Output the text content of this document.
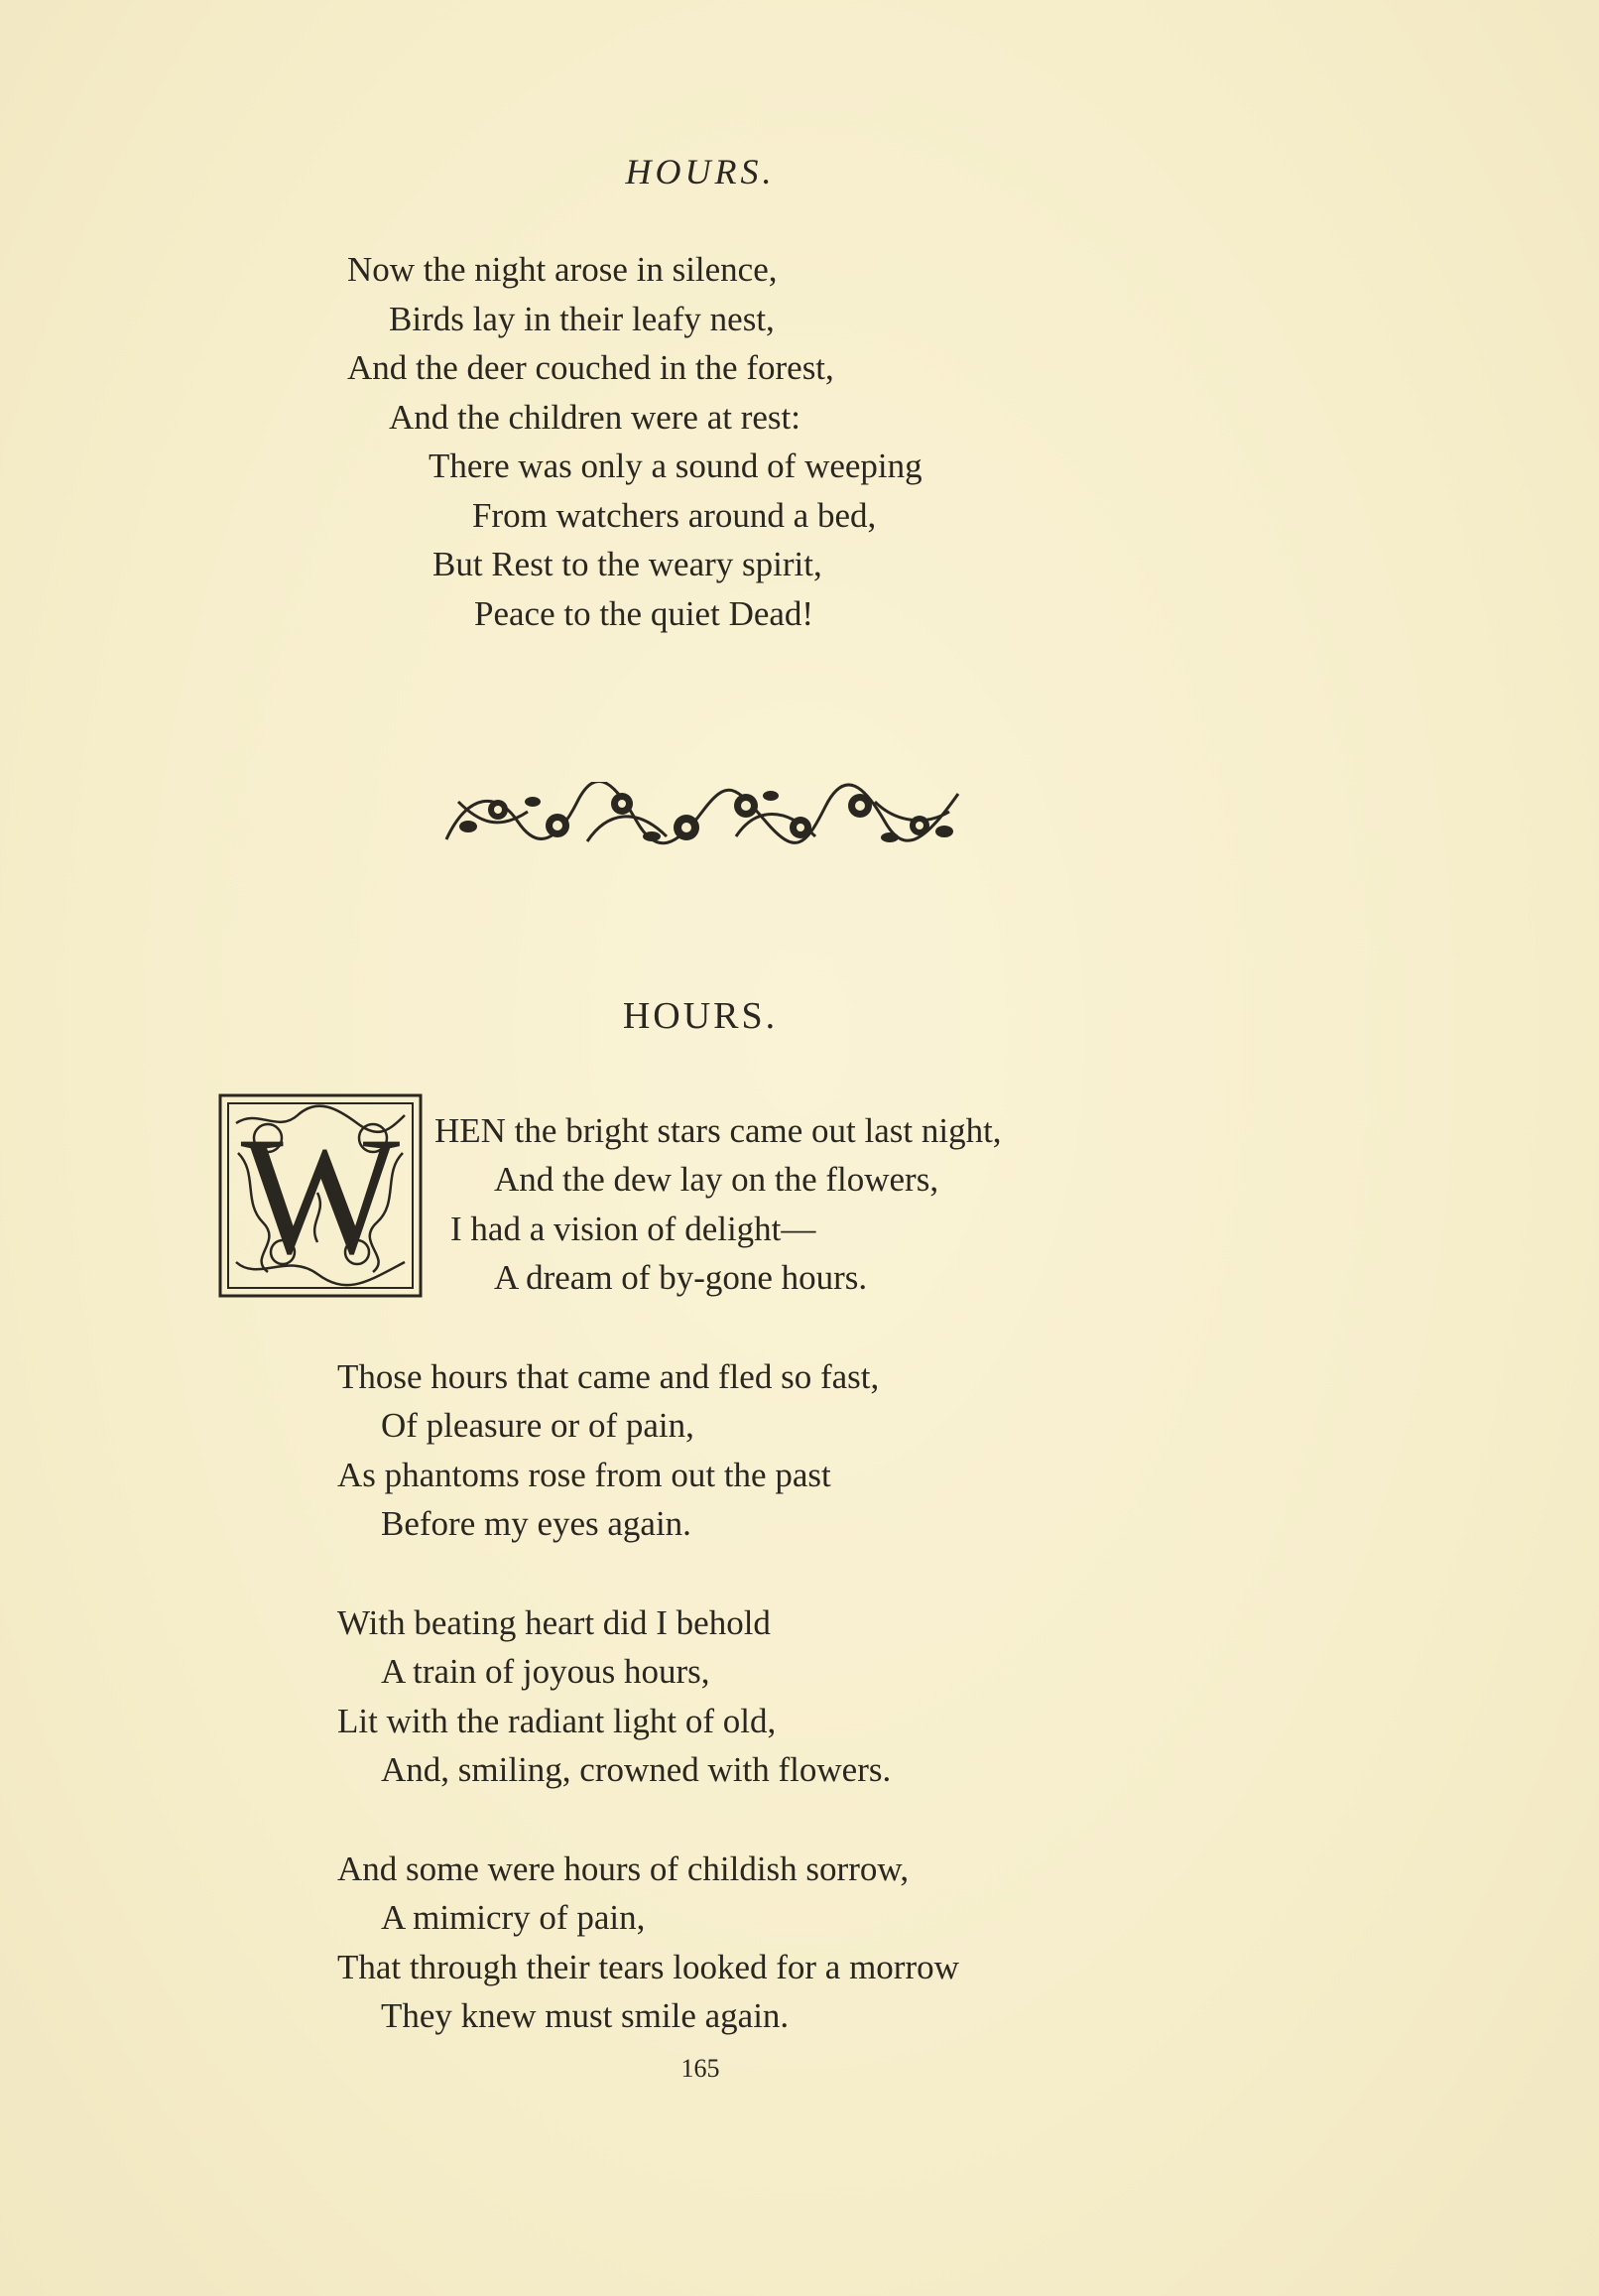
HOURS.
Now the night arose in silence,
Birds lay in their leafy nest,
And the deer couched in the forest,
And the children were at rest:
There was only a sound of weeping
From watchers around a bed,
But Rest to the weary spirit,
Peace to the quiet Dead!
HOURS.
W HEN the bright stars came out last night,
And the dew lay on the flowers,
I had a vision of delight—
A dream of by-gone hours.
Those hours that came and fled so fast,
Of pleasure or of pain,
As phantoms rose from out the past
Before my eyes again.
With beating heart did I behold
A train of joyous hours,
Lit with the radiant light of old,
And, smiling, crowned with flowers.
And some were hours of childish sorrow,
A mimicry of pain,
That through their tears looked for a morrow
They knew must smile again.
165
